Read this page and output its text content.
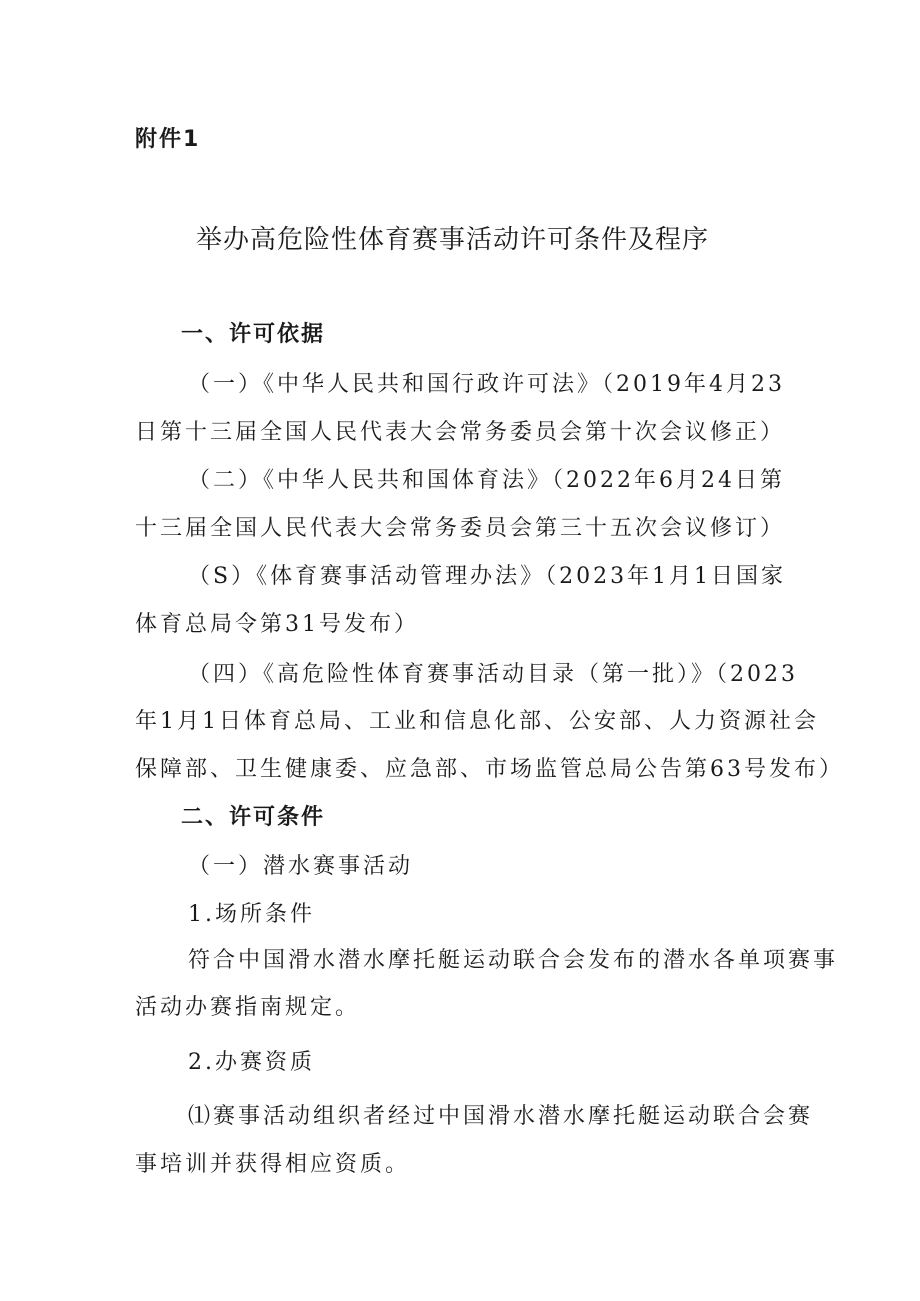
附件1
举办高危险性体育赛事活动许可条件及程序
一、许可依据
（一）《中华人民共和国行政许可法》（2019年4月23
日第十三届全国人民代表大会常务委员会第十次会议修正）
（二）《中华人民共和国体育法》（2022年6月24日第
十三届全国人民代表大会常务委员会第三十五次会议修订）
（S）《体育赛事活动管理办法》（2023年1月1日国家
体育总局令第31号发布）
（四）《高危险性体育赛事活动目录（第一批）》（2023
年1月1日体育总局、工业和信息化部、公安部、人力资源社会
保障部、卫生健康委、应急部、市场监管总局公告第63号发布）
二、许可条件
（一）潜水赛事活动
1.场所条件
符合中国滑水潜水摩托艇运动联合会发布的潜水各单项赛事
活动办赛指南规定。
2.办赛资质
⑴赛事活动组织者经过中国滑水潜水摩托艇运动联合会赛
事培训并获得相应资质。
